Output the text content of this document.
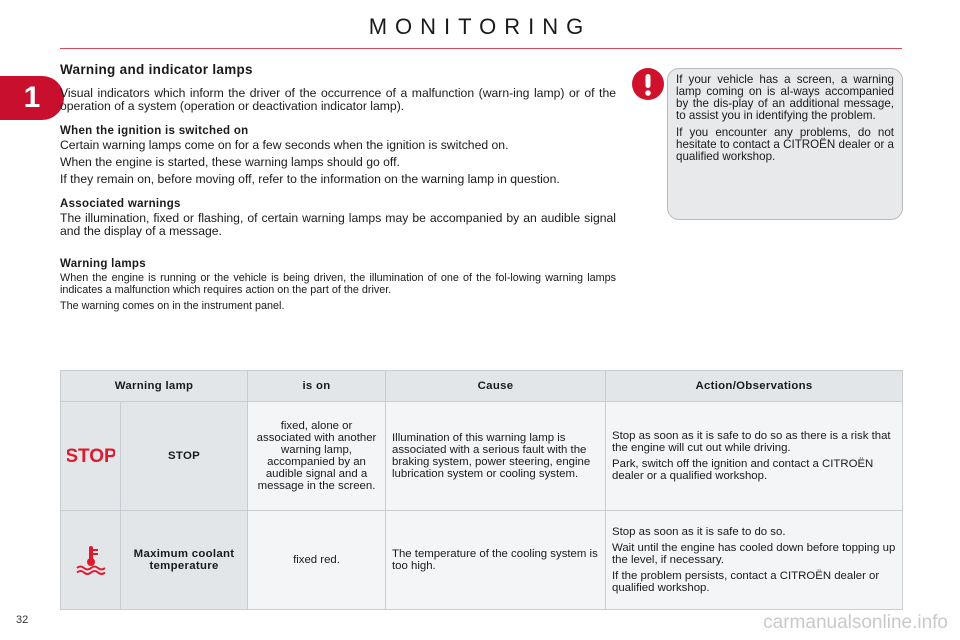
MONITORING
1
Warning and indicator lamps

Visual indicators which inform the driver of the occurrence of a malfunction (warn-ing lamp) or of the operation of a system (operation or deactivation indicator lamp).

When the ignition is switched on

Certain warning lamps come on for a few seconds when the ignition is switched on.

When the engine is started, these warning lamps should go off.

If they remain on, before moving off, refer to the information on the warning lamp in question.

Associated warnings

The illumination, fixed or flashing, of certain warning lamps may be accompanied by an audible signal and the display of a message.

Warning lamps

When the engine is running or the vehicle is being driven, the illumination of one of the fol-lowing warning lamps indicates a malfunction which requires action on the part of the driver.

The warning comes on in the instrument panel.

If your vehicle has a screen, a warning lamp coming on is al-ways accompanied by the dis-play of an additional message, to assist you in identifying the problem.

If you encounter any problems, do not hesitate to contact a CITROËN dealer or a qualified workshop.

Warning lamp		is on	Cause	Action/Observations

STOP	STOP	fixed, alone or associated with another warning lamp, accompanied by an audible signal and a message in the screen.	Illumination of this warning lamp is associated with a serious fault with the braking system, power steering, engine lubrication system or cooling system.	Stop as soon as it is safe to do so as there is a risk that the engine will cut out while driving.

Park, switch off the ignition and contact a CITROËN dealer or a qualified workshop.

	Maximum coolant temperature	fixed red.	The temperature of the cooling system is too high.	Stop as soon as it is safe to do so.

Wait until the engine has cooled down before topping up the level, if necessary.

If the problem persists, contact a CITROËN dealer or qualified workshop.

32	carmanualsonline.info
